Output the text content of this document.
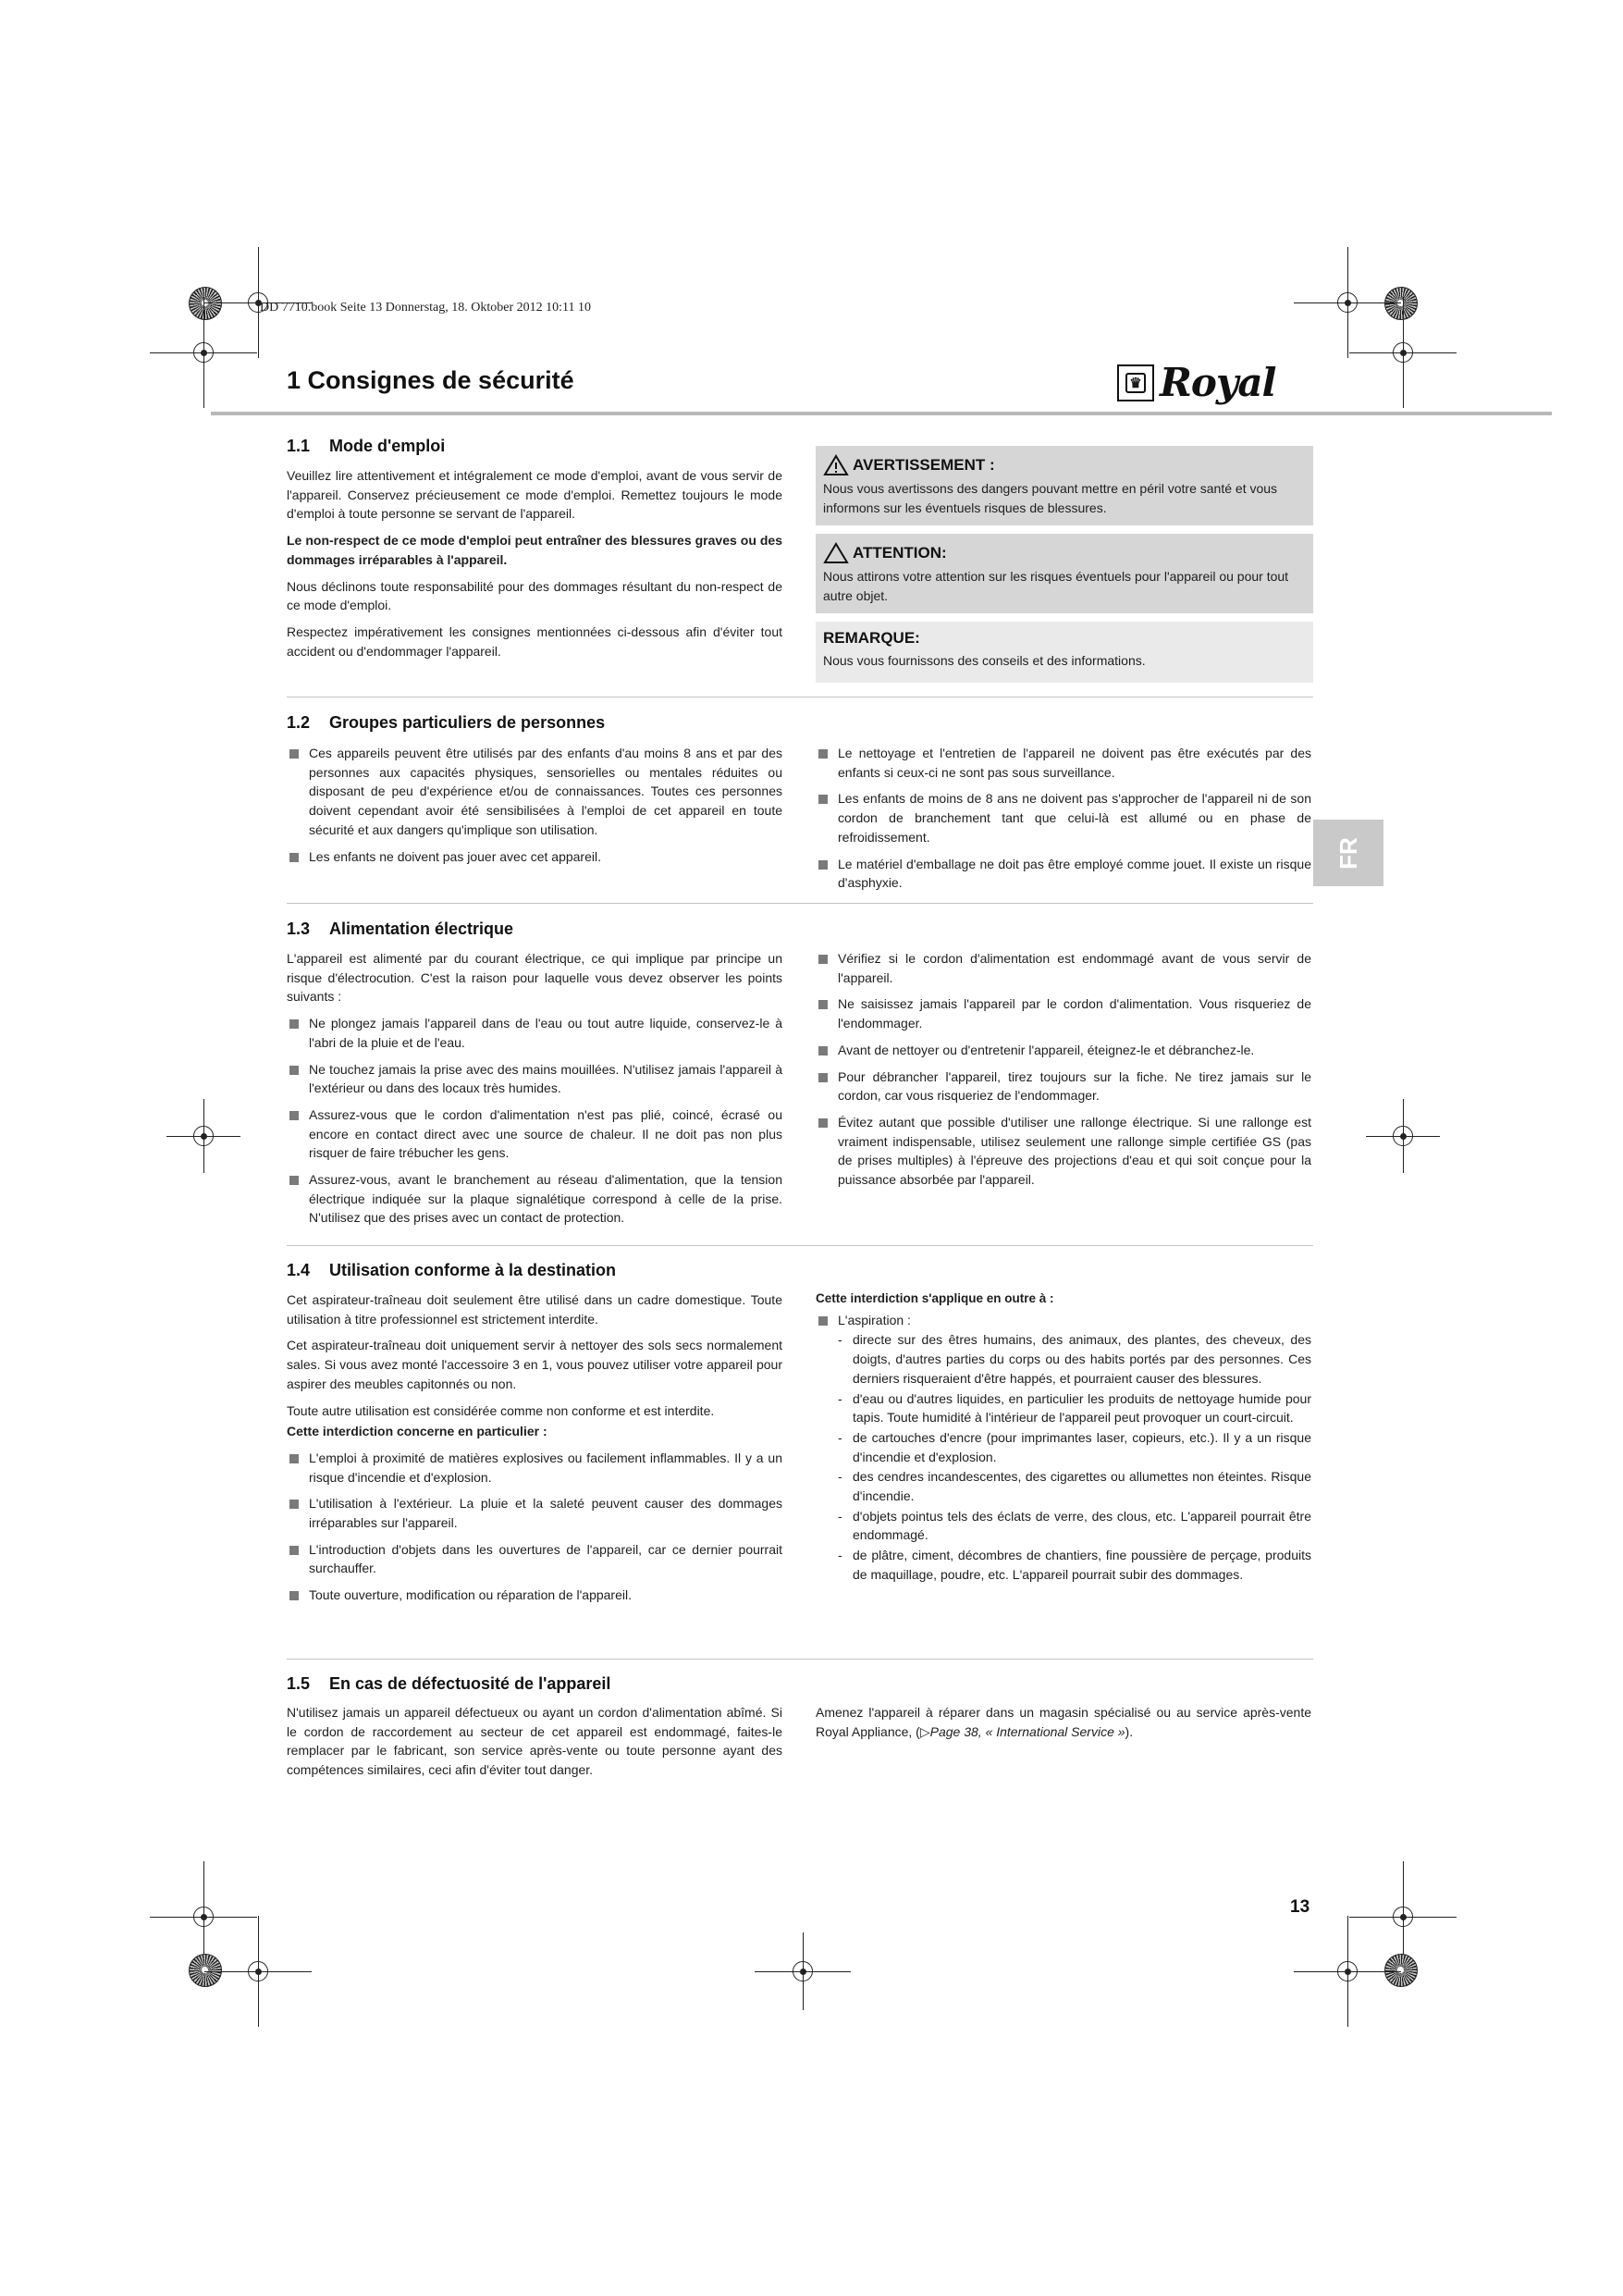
DD 7710.book Seite 13 Donnerstag, 18. Oktober 2012 10:11 10
1 Consignes de sécurité	♛ Royal
1.1 Mode d'emploi

Veuillez lire attentivement et intégralement ce mode d'emploi, avant de vous servir de l'appareil. Conservez précieusement ce mode d'emploi. Remettez toujours le mode d'emploi à toute personne se servant de l'appareil.

Le non-respect de ce mode d'emploi peut entraîner des blessures graves ou des dommages irréparables à l'appareil.

Nous déclinons toute responsabilité pour des dommages résultant du non-respect de ce mode d'emploi.

Respectez impérativement les consignes mentionnées ci-dessous afin d'éviter tout accident ou d'endommager l'appareil.

AVERTISSEMENT :
Nous vous avertissons des dangers pouvant mettre en péril votre santé et vous informons sur les éventuels risques de blessures.
ATTENTION:
Nous attirons votre attention sur les risques éventuels pour l'appareil ou pour tout autre objet.
REMARQUE:
Nous vous fournissons des conseils et des informations.
1.2 Groupes particuliers de personnes
Ces appareils peuvent être utilisés par des enfants d'au moins 8 ans et par des personnes aux capacités physiques, sensorielles ou mentales réduites ou disposant de peu d'expérience et/ou de connaissances. Toutes ces personnes doivent cependant avoir été sensibilisées à l'emploi de cet appareil en toute sécurité et aux dangers qu'implique son utilisation.
Les enfants ne doivent pas jouer avec cet appareil.
Le nettoyage et l'entretien de l'appareil ne doivent pas être exécutés par des enfants si ceux-ci ne sont pas sous surveillance.
Les enfants de moins de 8 ans ne doivent pas s'approcher de l'appareil ni de son cordon de branchement tant que celui-là est allumé ou en phase de refroidissement.
Le matériel d'emballage ne doit pas être employé comme jouet. Il existe un risque d'asphyxie.
FR
1.3 Alimentation électrique

L'appareil est alimenté par du courant électrique, ce qui implique par principe un risque d'électrocution. C'est la raison pour laquelle vous devez observer les points suivants :

Ne plongez jamais l'appareil dans de l'eau ou tout autre liquide, conservez-le à l'abri de la pluie et de l'eau.
Ne touchez jamais la prise avec des mains mouillées. N'utilisez jamais l'appareil à l'extérieur ou dans des locaux très humides.
Assurez-vous que le cordon d'alimentation n'est pas plié, coincé, écrasé ou encore en contact direct avec une source de chaleur. Il ne doit pas non plus risquer de faire trébucher les gens.
Assurez-vous, avant le branchement au réseau d'alimentation, que la tension électrique indiquée sur la plaque signalétique correspond à celle de la prise. N'utilisez que des prises avec un contact de protection.
Vérifiez si le cordon d'alimentation est endommagé avant de vous servir de l'appareil.
Ne saisissez jamais l'appareil par le cordon d'alimentation. Vous risqueriez de l'endommager.
Avant de nettoyer ou d'entretenir l'appareil, éteignez-le et débranchez-le.
Pour débrancher l'appareil, tirez toujours sur la fiche. Ne tirez jamais sur le cordon, car vous risqueriez de l'endommager.
Évitez autant que possible d'utiliser une rallonge électrique. Si une rallonge est vraiment indispensable, utilisez seulement une rallonge simple certifiée GS (pas de prises multiples) à l'épreuve des projections d'eau et qui soit conçue pour la puissance absorbée par l'appareil.
1.4 Utilisation conforme à la destination

Cet aspirateur-traîneau doit seulement être utilisé dans un cadre domestique. Toute utilisation à titre professionnel est strictement interdite.

Cet aspirateur-traîneau doit uniquement servir à nettoyer des sols secs normalement sales. Si vous avez monté l'accessoire 3 en 1, vous pouvez utiliser votre appareil pour aspirer des meubles capitonnés ou non.

Toute autre utilisation est considérée comme non conforme et est interdite.

Cette interdiction concerne en particulier :

L'emploi à proximité de matières explosives ou facilement inflammables. Il y a un risque d'incendie et d'explosion.
L'utilisation à l'extérieur. La pluie et la saleté peuvent causer des dommages irréparables sur l'appareil.
L'introduction d'objets dans les ouvertures de l'appareil, car ce dernier pourrait surchauffer.
Toute ouverture, modification ou réparation de l'appareil.

Cette interdiction s'applique en outre à :

L'aspiration :
- directe sur des êtres humains, des animaux, des plantes, des cheveux, des doigts, d'autres parties du corps ou des habits portés par des personnes. Ces derniers risqueraient d'être happés, et pourraient causer des blessures.
- d'eau ou d'autres liquides, en particulier les produits de nettoyage humide pour tapis. Toute humidité à l'intérieur de l'appareil peut provoquer un court-circuit.
- de cartouches d'encre (pour imprimantes laser, copieurs, etc.). Il y a un risque d'incendie et d'explosion.
- des cendres incandescentes, des cigarettes ou allumettes non éteintes. Risque d'incendie.
- d'objets pointus tels des éclats de verre, des clous, etc. L'appareil pourrait être endommagé.
- de plâtre, ciment, décombres de chantiers, fine poussière de perçage, produits de maquillage, poudre, etc. L'appareil pourrait subir des dommages.
1.5 En cas de défectuosité de l'appareil

N'utilisez jamais un appareil défectueux ou ayant un cordon d'alimentation abîmé. Si le cordon de raccordement au secteur de cet appareil est endommagé, faites-le remplacer par le fabricant, son service après-vente ou toute personne ayant des compétences similaires, ceci afin d'éviter tout danger.

Amenez l'appareil à réparer dans un magasin spécialisé ou au service après-vente Royal Appliance, (▷Page 38, « International Service »).

13
